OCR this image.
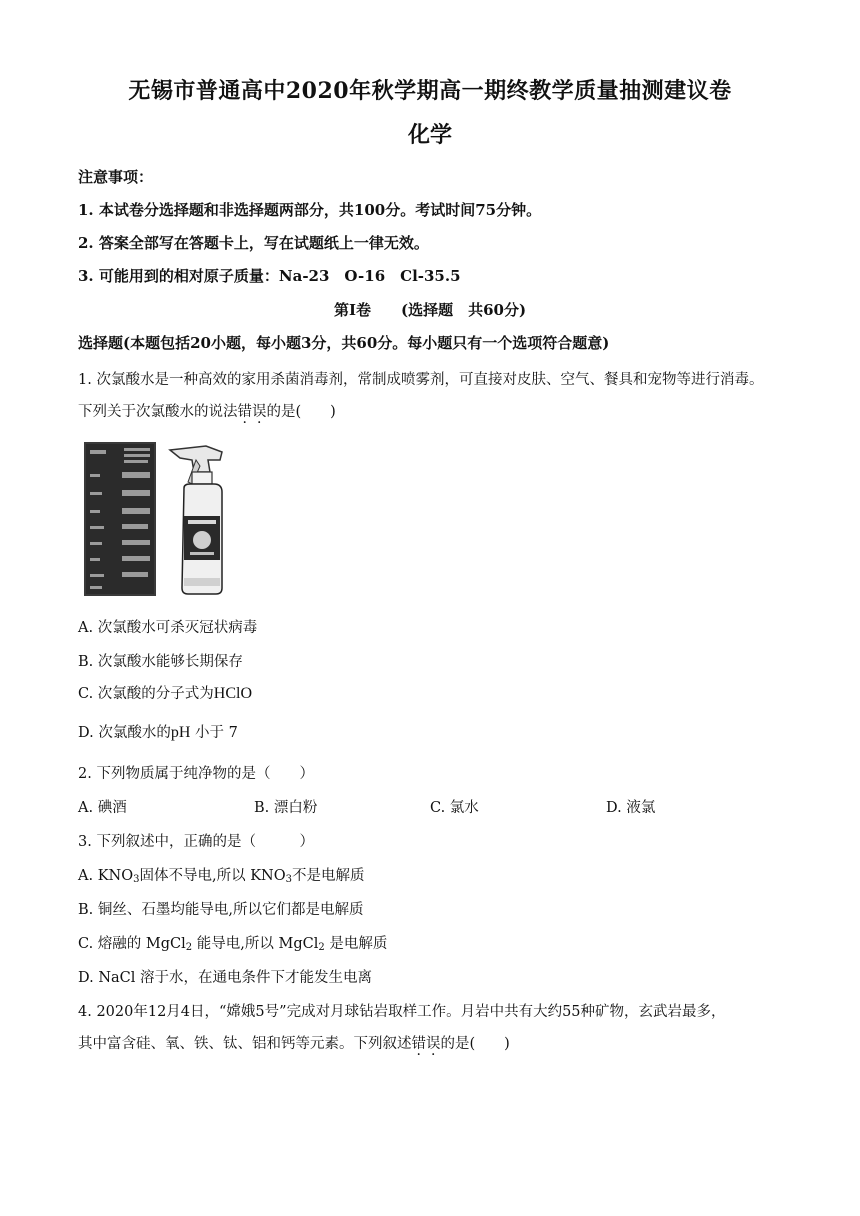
无锡市普通高中2020年秋学期高一期终教学质量抽测建议卷
化学
注意事项：
1. 本试卷分选择题和非选择题两部分，共100分。考试时间75分钟。
2. 答案全部写在答题卡上，写在试题纸上一律无效。
3. 可能用到的相对原子质量：Na-23　O-16　Cl-35.5
第Ⅰ卷　　(选择题　共60分)
选择题(本题包括20小题，每小题3分，共60分。每小题只有一个选项符合题意)
1. 次氯酸水是一种高效的家用杀菌消毒剂，常制成喷雾剂，可直接对皮肤、空气、餐具和宠物等进行消毒。
下列关于次氯酸水的说法错误的是(　　)
A. 次氯酸水可杀灭冠状病毒
B. 次氯酸水能够长期保存
C. 次氯酸的分子式为HClO
D. 次氯酸水的pH 小于 7
2. 下列物质属于纯净物的是（　　）
A. 碘酒	B. 漂白粉	C. 氯水	D. 液氯
3. 下列叙述中，正确的是（　　　）
A. $KNO_3$固体不导电,所以 $KNO_3$不是电解质
B. 铜丝、石墨均能导电,所以它们都是电解质
C. 熔融的 MgCl$_2$ 能导电,所以 MgCl$_2$ 是电解质
D. NaCl 溶于水，在通电条件下才能发生电离
4. 2020年12月4日，“嫦娥5号”完成对月球钻岩取样工作。月岩中共有大约55种矿物，玄武岩最多，
其中富含硅、氧、铁、钛、铝和钙等元素。下列叙述错误的是(　　)
